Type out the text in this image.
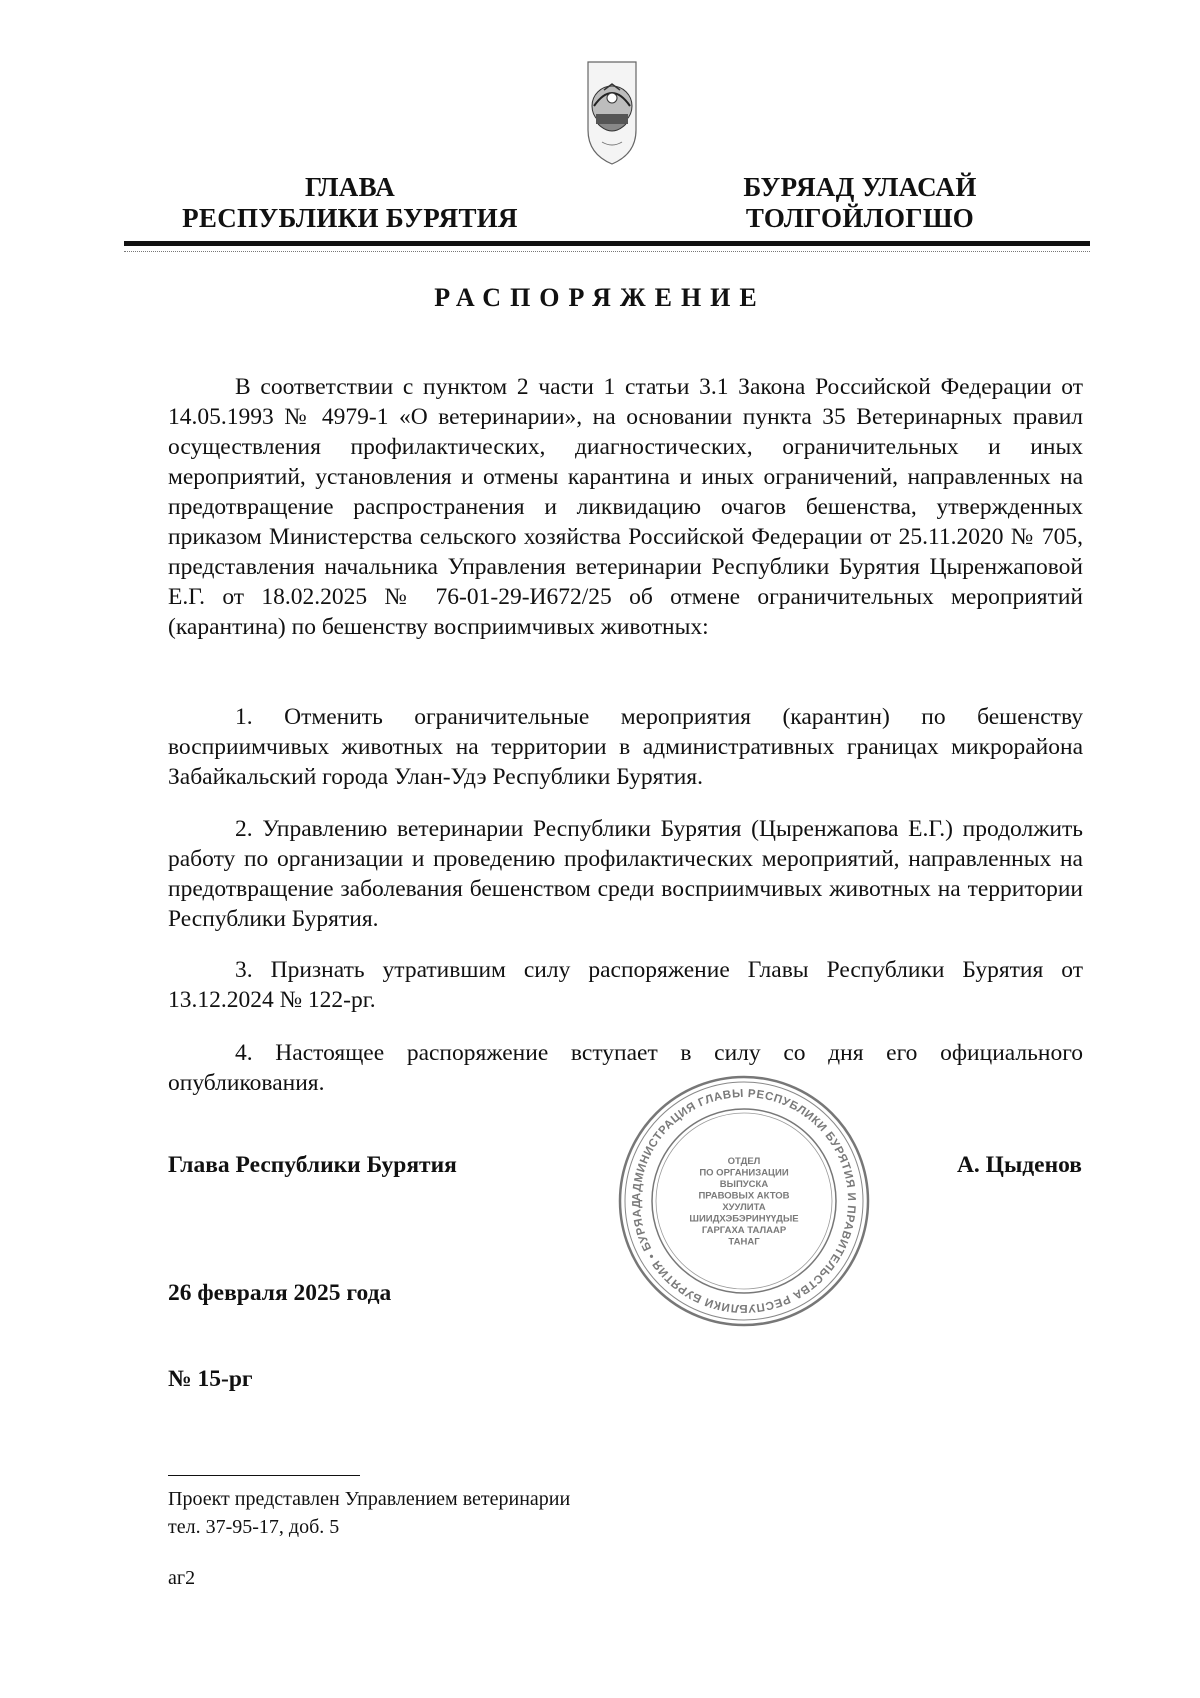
ГЛАВА
РЕСПУБЛИКИ БУРЯТИЯ
БУРЯАД УЛАСАЙ
ТОЛГОЙЛОГШО
РАСПОРЯЖЕНИЕ

В соответствии с пунктом 2 части 1 статьи 3.1 Закона Российской Федерации от 14.05.1993 № 4979-1 «О ветеринарии», на основании пункта 35 Ветеринарных правил осуществления профилактических, диагностических, ограничительных и иных мероприятий, установления и отмены карантина и иных ограничений, направленных на предотвращение распространения и ликвидацию очагов бешенства, утвержденных приказом Министерства сельского хозяйства Российской Федерации от 25.11.2020 № 705, представления начальника Управления ветеринарии Республики Бурятия Цыренжаповой Е.Г. от 18.02.2025 № 76-01-29-И672/25 об отмене ограничительных мероприятий (карантина) по бешенству восприимчивых животных:

1. Отменить ограничительные мероприятия (карантин) по бешенству восприимчивых животных на территории в административных границах микрорайона Забайкальский города Улан-Удэ Республики Бурятия.

2. Управлению ветеринарии Республики Бурятия (Цыренжапова Е.Г.) продолжить работу по организации и проведению профилактических мероприятий, направленных на предотвращение заболевания бешенством среди восприимчивых животных на территории Республики Бурятия.

3. Признать утратившим силу распоряжение Главы Республики Бурятия от 13.12.2024 № 122-рг.

4. Настоящее распоряжение вступает в силу со дня его официального опубликования.

АДМИНИСТРАЦИЯ ГЛАВЫ РЕСПУБЛИКИ БУРЯТИЯ И ПРАВИТЕЛЬСТВА РЕСПУБЛИКИ БУРЯТИЯ • БУРЯАД
ОТДЕЛ
ПО ОРГАНИЗАЦИИ
ВЫПУСКА
ПРАВОВЫХ АКТОВ
ХУУЛИТА
ШИИДХЭБЭРИНҮҮДЫЕ
ГАРГАХА ТАЛААР
ТАНАГ
Глава Республики Бурятия	А. Цыденов
26 февраля 2025 года
№ 15-рг
Проект представлен Управлением ветеринарии
тел. 37-95-17, доб. 5
аг2
